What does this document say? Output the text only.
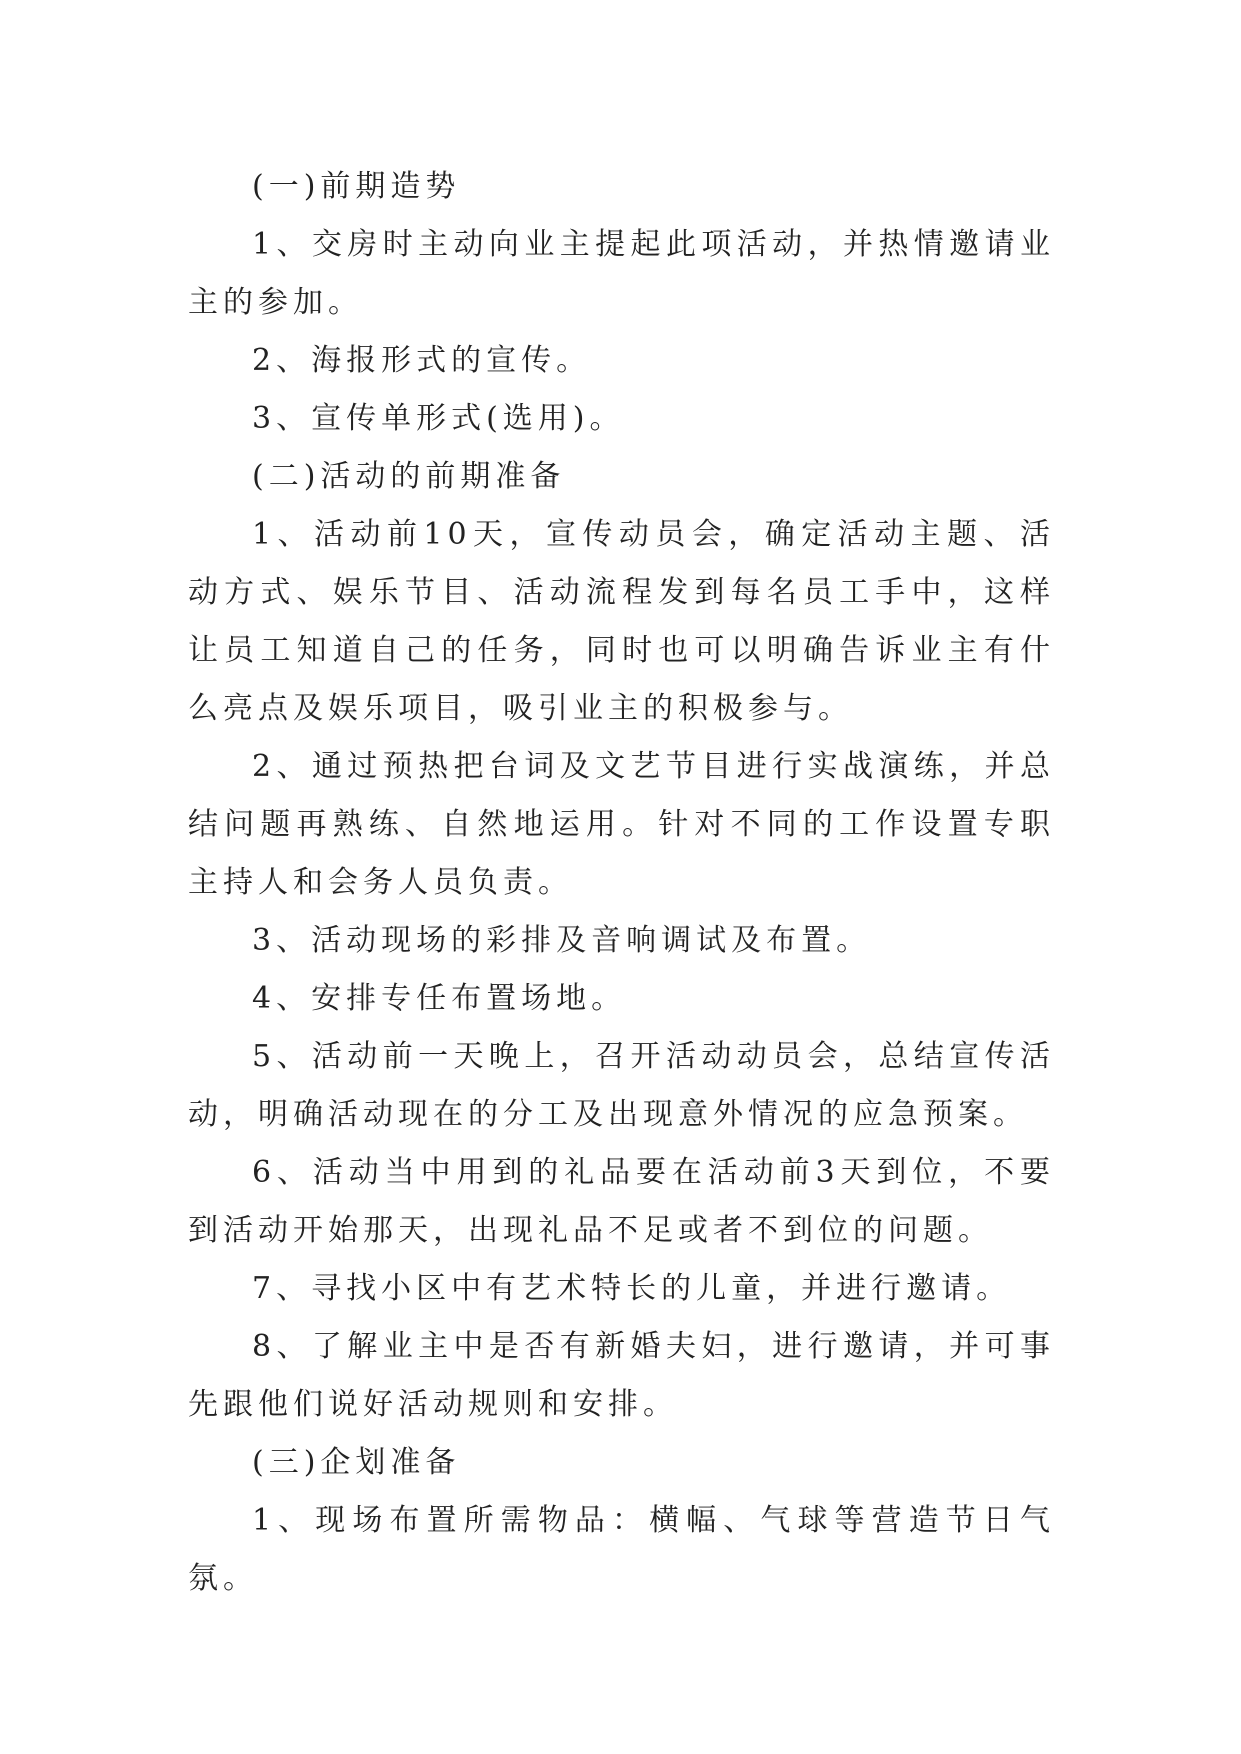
(一)前期造势

1、交房时主动向业主提起此项活动，并热情邀请业主的参加。

2、海报形式的宣传。

3、宣传单形式(选用)。

(二)活动的前期准备

1、活动前10天，宣传动员会，确定活动主题、活动方式、娱乐节目、活动流程发到每名员工手中，这样让员工知道自己的任务，同时也可以明确告诉业主有什么亮点及娱乐项目，吸引业主的积极参与。

2、通过预热把台词及文艺节目进行实战演练，并总结问题再熟练、自然地运用。针对不同的工作设置专职主持人和会务人员负责。

3、活动现场的彩排及音响调试及布置。

4、安排专任布置场地。

5、活动前一天晚上，召开活动动员会，总结宣传活动，明确活动现在的分工及出现意外情况的应急预案。

6、活动当中用到的礼品要在活动前3天到位，不要到活动开始那天，出现礼品不足或者不到位的问题。

7、寻找小区中有艺术特长的儿童，并进行邀请。

8、了解业主中是否有新婚夫妇，进行邀请，并可事先跟他们说好活动规则和安排。

(三)企划准备

1、现场布置所需物品：横幅、气球等营造节日气氛。
